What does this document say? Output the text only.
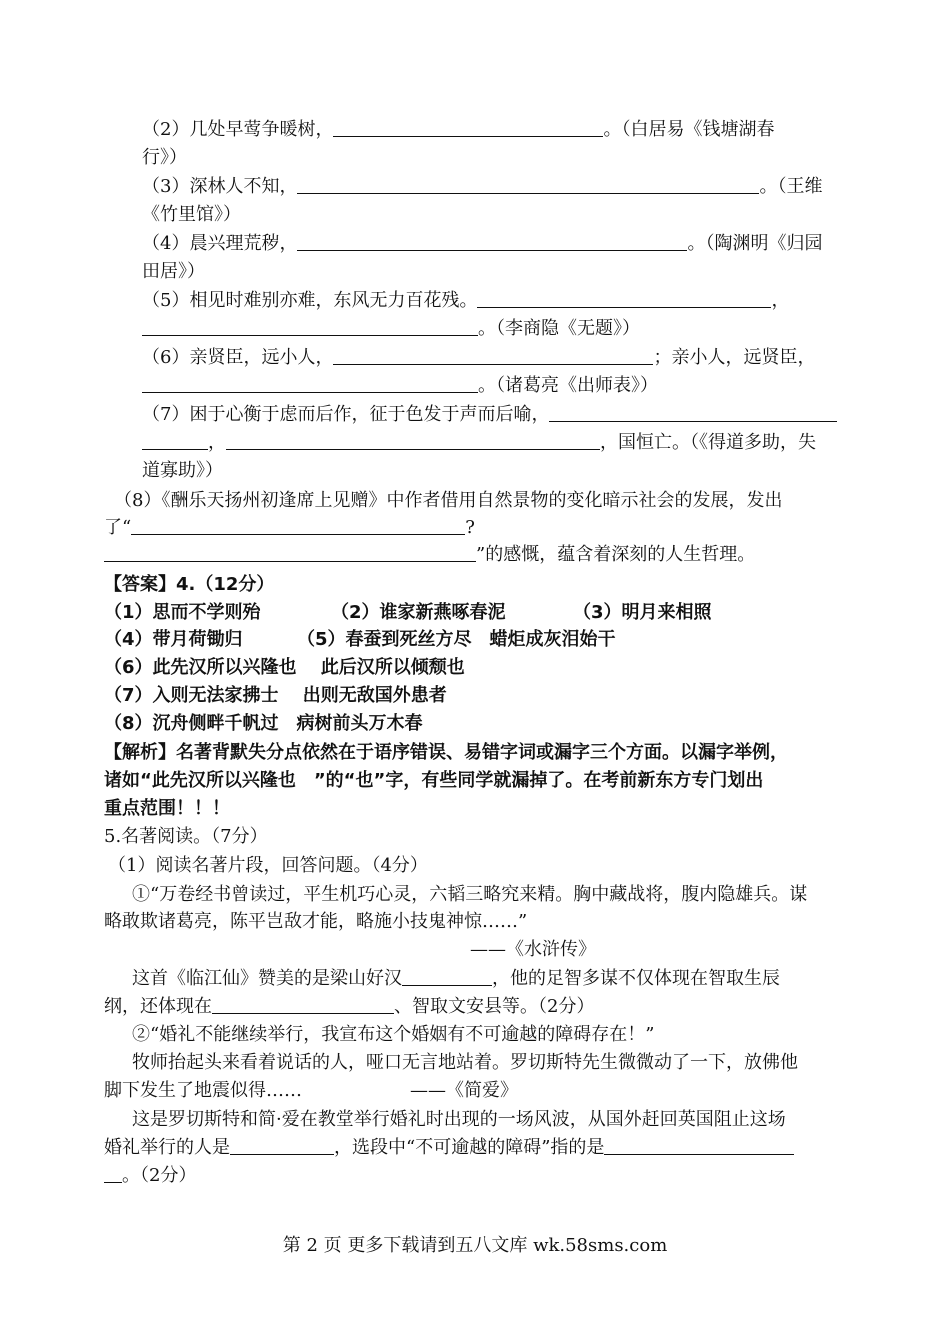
（2）几处早莺争暖树，	。（白居易《钱塘湖春
行》）
（3）深林人不知，	。（王维
《竹里馆》）
（4）晨兴理荒秽，	。（陶渊明《归园
田居》）
（5）相见时难别亦难，东风无力百花残。	，
。（李商隐《无题》）
（6）亲贤臣，远小人，	；亲小人，远贤臣，
。（诸葛亮《出师表》）
（7）困于心衡于虑而后作，征于色发于声而后喻，
，	，国恒亡。（《得道多助，失
道寡助》）
（8）《酬乐天扬州初逢席上见赠》中作者借用自然景物的变化暗示社会的发展，发出
了“	?
”的感慨，蕴含着深刻的人生哲理。
【答案】4.（12分）
（1）思而不学则殆	（2）谁家新燕啄春泥	（3）明月来相照
（4）带月荷锄归	（5）春蚕到死丝方尽　蜡炬成灰泪始干
（6）此先汉所以兴隆也　 此后汉所以倾颓也
（7）入则无法家拂士　 出则无敌国外患者
（8）沉舟侧畔千帆过　病树前头万木春
【解析】名著背默失分点依然在于语序错误、易错字词或漏字三个方面。以漏字举例，
诸如“此先汉所以兴隆也　”的“也”字，有些同学就漏掉了。在考前新东方专门划出
重点范围！！！
5.名著阅读。（7分）
（1）阅读名著片段，回答问题。（4分）
①“万卷经书曾读过，平生机巧心灵，六韬三略究来精。胸中藏战将，腹内隐雄兵。谋
略敢欺诸葛亮，陈平岂敌才能，略施小技鬼神惊……”
——《水浒传》
这首《临江仙》赞美的是梁山好汉	，他的足智多谋不仅体现在智取生辰
纲，还体现在	、智取文安县等。（2分）
②“婚礼不能继续举行，我宣布这个婚姻有不可逾越的障碍存在！”
牧师抬起头来看着说话的人，哑口无言地站着。罗切斯特先生微微动了一下，放佛他
脚下发生了地震似得……	——《简爱》
这是罗切斯特和简·爱在教堂举行婚礼时出现的一场风波，从国外赶回英国阻止这场
婚礼举行的人是	，选段中“不可逾越的障碍”指的是
。（2分）
第 2 页 更多下载请到五八文库 wk.58sms.com
